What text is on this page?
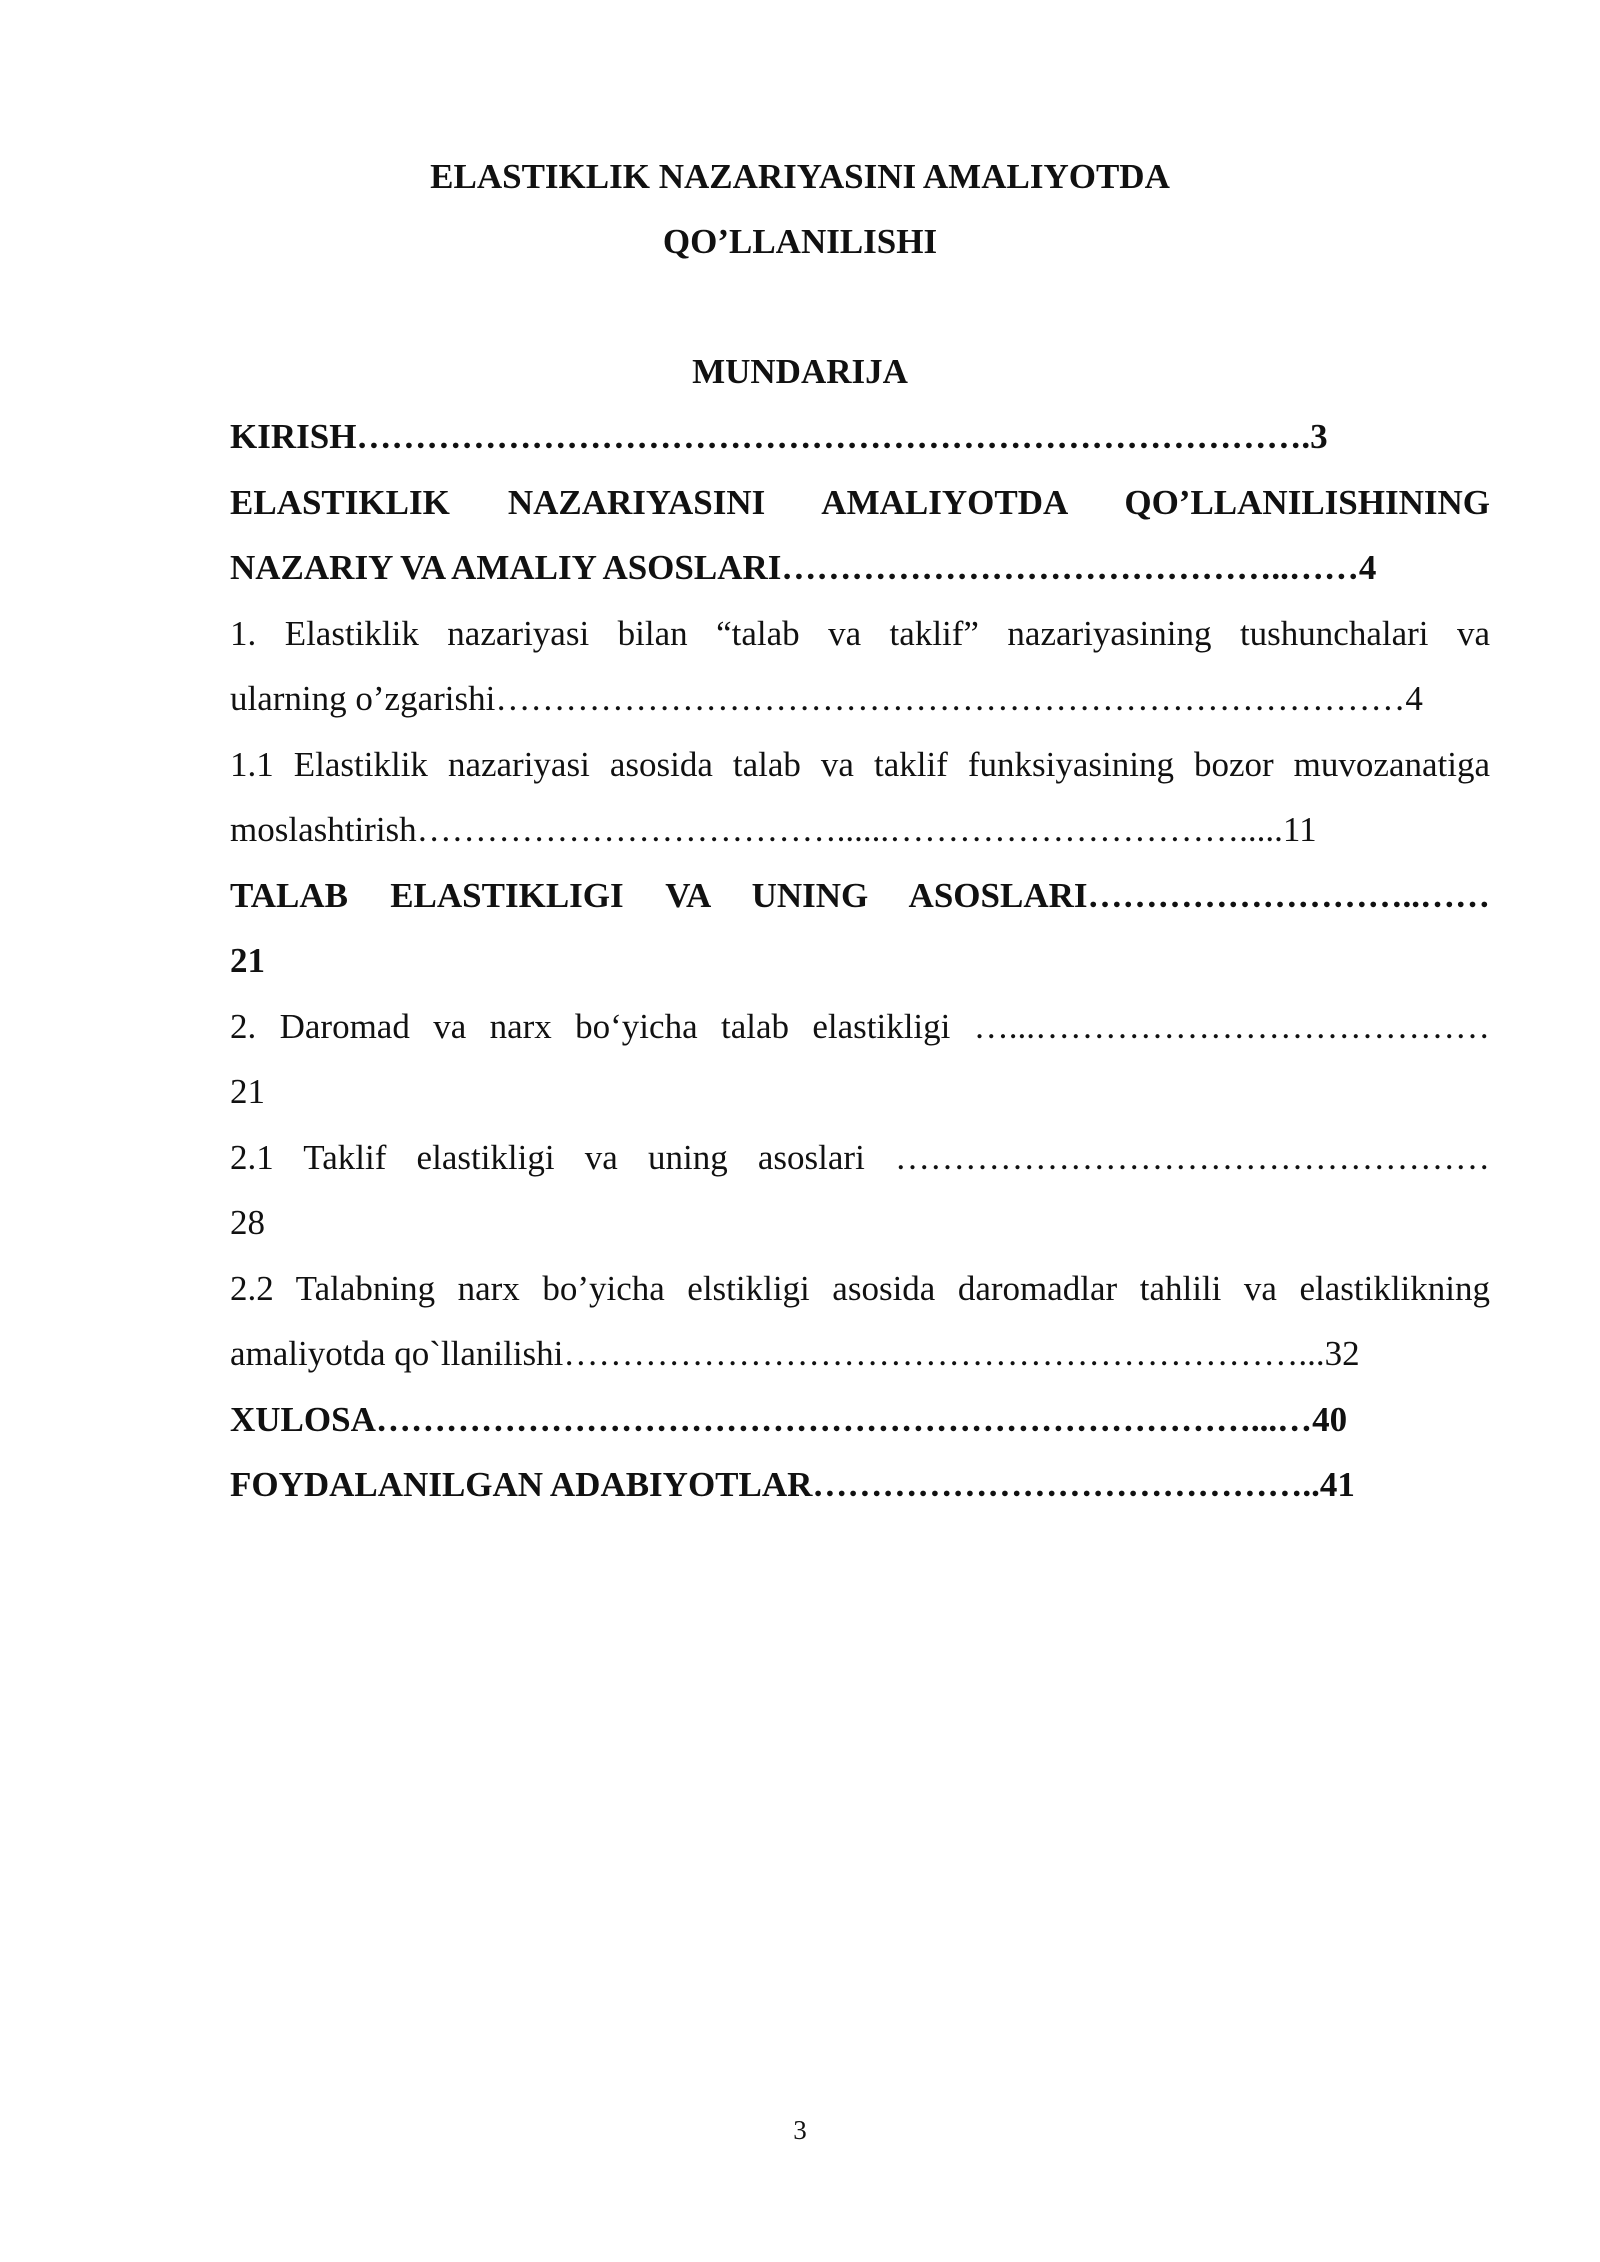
ELASTIKLIK NAZARIYASINI AMALIYOTDA
QO’LLANILISHI
MUNDARIJA

KIRISH……………………………………………………………………….3

ELASTIKLIK NAZARIYASINI AMALIYOTDA QO’LLANILISHINING

NAZARIY VA AMALIY ASOSLARI……………………………………..……4

1. Elastiklik nazariyasi bilan “talab va taklif” nazariyasining tushunchalari va

ularning o’zgarishi……………………………………………………………………4

1.1 Elastiklik nazariyasi asosida talab va taklif funksiyasining bozor muvozanatiga

moslashtirish………………………………......………………………….....11

TALAB ELASTIKLIGI VA UNING ASOSLARI………………………..……

21

2. Daromad va narx bo‘yicha talab elastikligi …...…………………………………

21

2.1 Taklif elastikligi va uning asoslari ……………………………………………

28

2.2 Talabning narx bo’yicha elstikligi asosida daromadlar tahlili va elastiklikning

amaliyotda qo`llanilishi………………………………………………………...32

XULOSA…………………………………………………………………...…40

FOYDALANILGAN ADABIYOTLAR……………………………………..41

3
